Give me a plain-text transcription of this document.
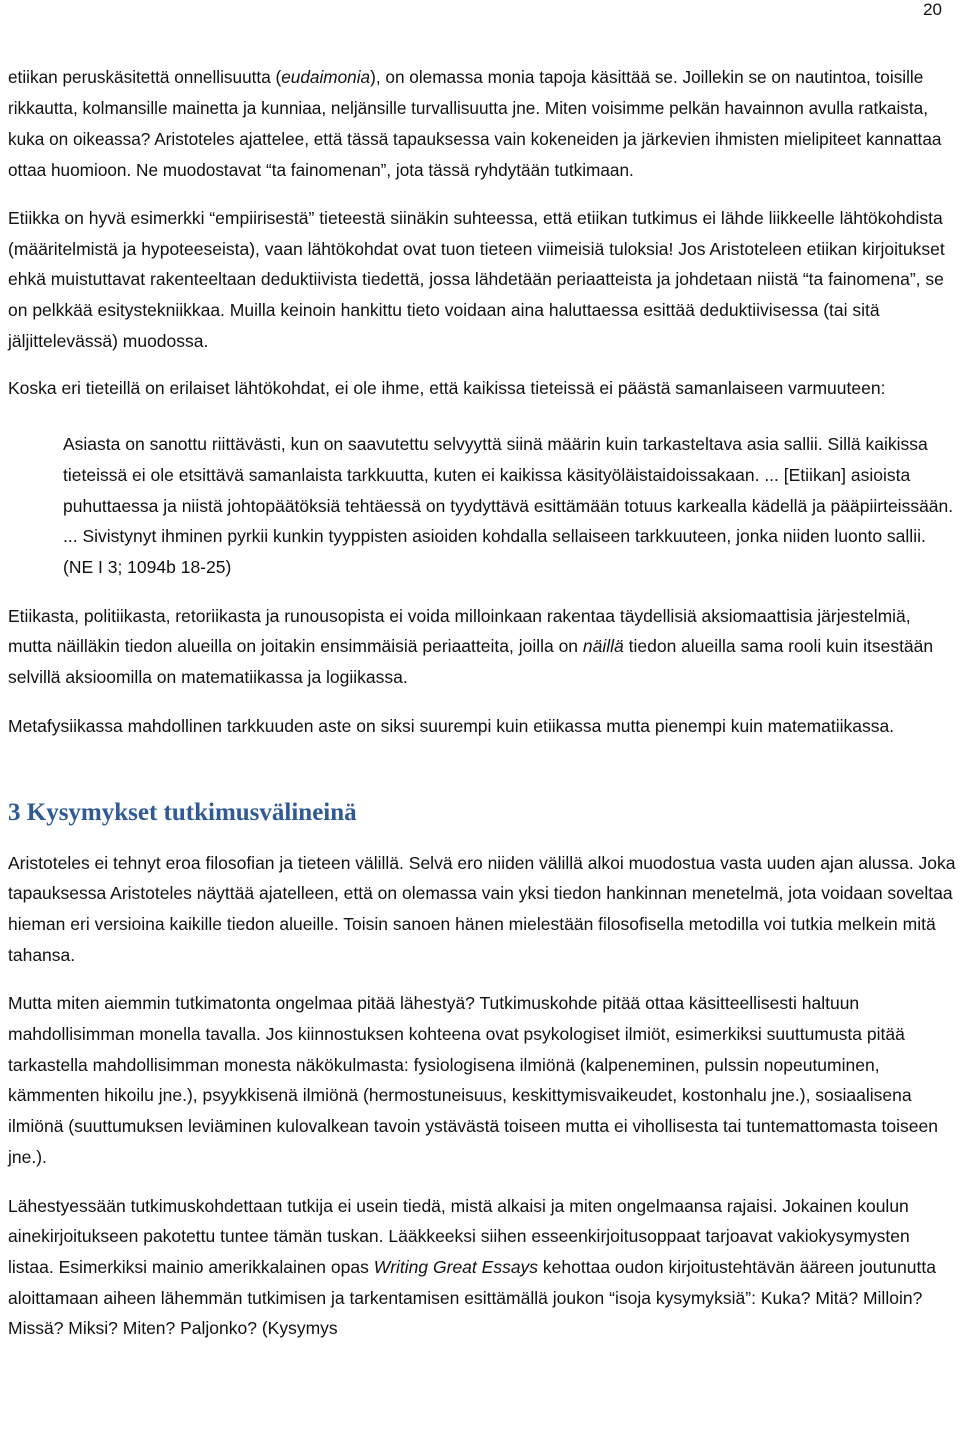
20

etiikan peruskäsitettä onnellisuutta (eudaimonia), on olemassa monia tapoja käsittää se. Joillekin se on nautintoa, toisille rikkautta, kolmansille mainetta ja kunniaa, neljänsille turvallisuutta jne. Miten voisimme pelkän havainnon avulla ratkaista, kuka on oikeassa? Aristoteles ajattelee, että tässä tapauksessa vain kokeneiden ja järkevien ihmisten mielipiteet kannattaa ottaa huomioon. Ne muodostavat “ta fainomenan”, jota tässä ryhdytään tutkimaan.

Etiikka on hyvä esimerkki “empiirisestä” tieteestä siinäkin suhteessa, että etiikan tutkimus ei lähde liikkeelle lähtökohdista (määritelmistä ja hypoteeseista), vaan lähtökohdat ovat tuon tieteen viimeisiä tuloksia! Jos Aristoteleen etiikan kirjoitukset ehkä muistuttavat rakenteeltaan deduktiivista tiedettä, jossa lähdetään periaatteista ja johdetaan niistä “ta fainomena”, se on pelkkää esitystekniikkaa. Muilla keinoin hankittu tieto voidaan aina haluttaessa esittää deduktiivisessa (tai sitä jäljittelevässä) muodossa.

Koska eri tieteillä on erilaiset lähtökohdat, ei ole ihme, että kaikissa tieteissä ei päästä samanlaiseen varmuuteen:

Asiasta on sanottu riittävästi, kun on saavutettu selvyyttä siinä määrin kuin tarkasteltava asia sallii. Sillä kaikissa tieteissä ei ole etsittävä samanlaista tarkkuutta, kuten ei kaikissa käsityöläistaidoissakaan. ... [Etiikan] asioista puhuttaessa ja niistä johtopäätöksiä tehtäessä on tyydyttävä esittämään totuus karkealla kädellä ja pääpiirteissään. ... Sivistynyt ihminen pyrkii kunkin tyyppisten asioiden kohdalla sellaiseen tarkkuuteen, jonka niiden luonto sallii. (NE I 3; 1094b 18-25)

Etiikasta, politiikasta, retoriikasta ja runousopista ei voida milloinkaan rakentaa täydellisiä aksiomaattisia järjestelmiä, mutta näilläkin tiedon alueilla on joitakin ensimmäisiä periaatteita, joilla on näillä tiedon alueilla sama rooli kuin itsestään selvillä aksioomilla on matematiikassa ja logiikassa.

Metafysiikassa mahdollinen tarkkuuden aste on siksi suurempi kuin etiikassa mutta pienempi kuin matematiikassa.

3 Kysymykset tutkimusvälineinä

Aristoteles ei tehnyt eroa filosofian ja tieteen välillä. Selvä ero niiden välillä alkoi muodostua vasta uuden ajan alussa. Joka tapauksessa Aristoteles näyttää ajatelleen, että on olemassa vain yksi tiedon hankinnan menetelmä, jota voidaan soveltaa hieman eri versioina kaikille tiedon alueille. Toisin sanoen hänen mielestään filosofisella metodilla voi tutkia melkein mitä tahansa.

Mutta miten aiemmin tutkimatonta ongelmaa pitää lähestyä? Tutkimuskohde pitää ottaa käsitteellisesti haltuun mahdollisimman monella tavalla. Jos kiinnostuksen kohteena ovat psykologiset ilmiöt, esimerkiksi suuttumusta pitää tarkastella mahdollisimman monesta näkökulmasta: fysiologisena ilmiönä (kalpeneminen, pulssin nopeutuminen, kämmenten hikoilu jne.), psyykkisenä ilmiönä (hermostuneisuus, keskittymisvaikeudet, kostonhalu jne.), sosiaalisena ilmiönä (suuttumuksen leviäminen kulovalkean tavoin ystävästä toiseen mutta ei vihollisesta tai tuntemattomasta toiseen jne.).

Lähestyessään tutkimuskohdettaan tutkija ei usein tiedä, mistä alkaisi ja miten ongelmaansa rajaisi. Jokainen koulun ainekirjoitukseen pakotettu tuntee tämän tuskan. Lääkkeeksi siihen esseenkirjoitusoppaat tarjoavat vakiokysymysten listaa. Esimerkiksi mainio amerikkalainen opas Writing Great Essays kehottaa oudon kirjoitustehtävän ääreen joutunutta aloittamaan aiheen lähemmän tutkimisen ja tarkentamisen esittämällä joukon “isoja kysymyksiä”: Kuka? Mitä? Milloin? Missä? Miksi? Miten? Paljonko? (Kysymys
